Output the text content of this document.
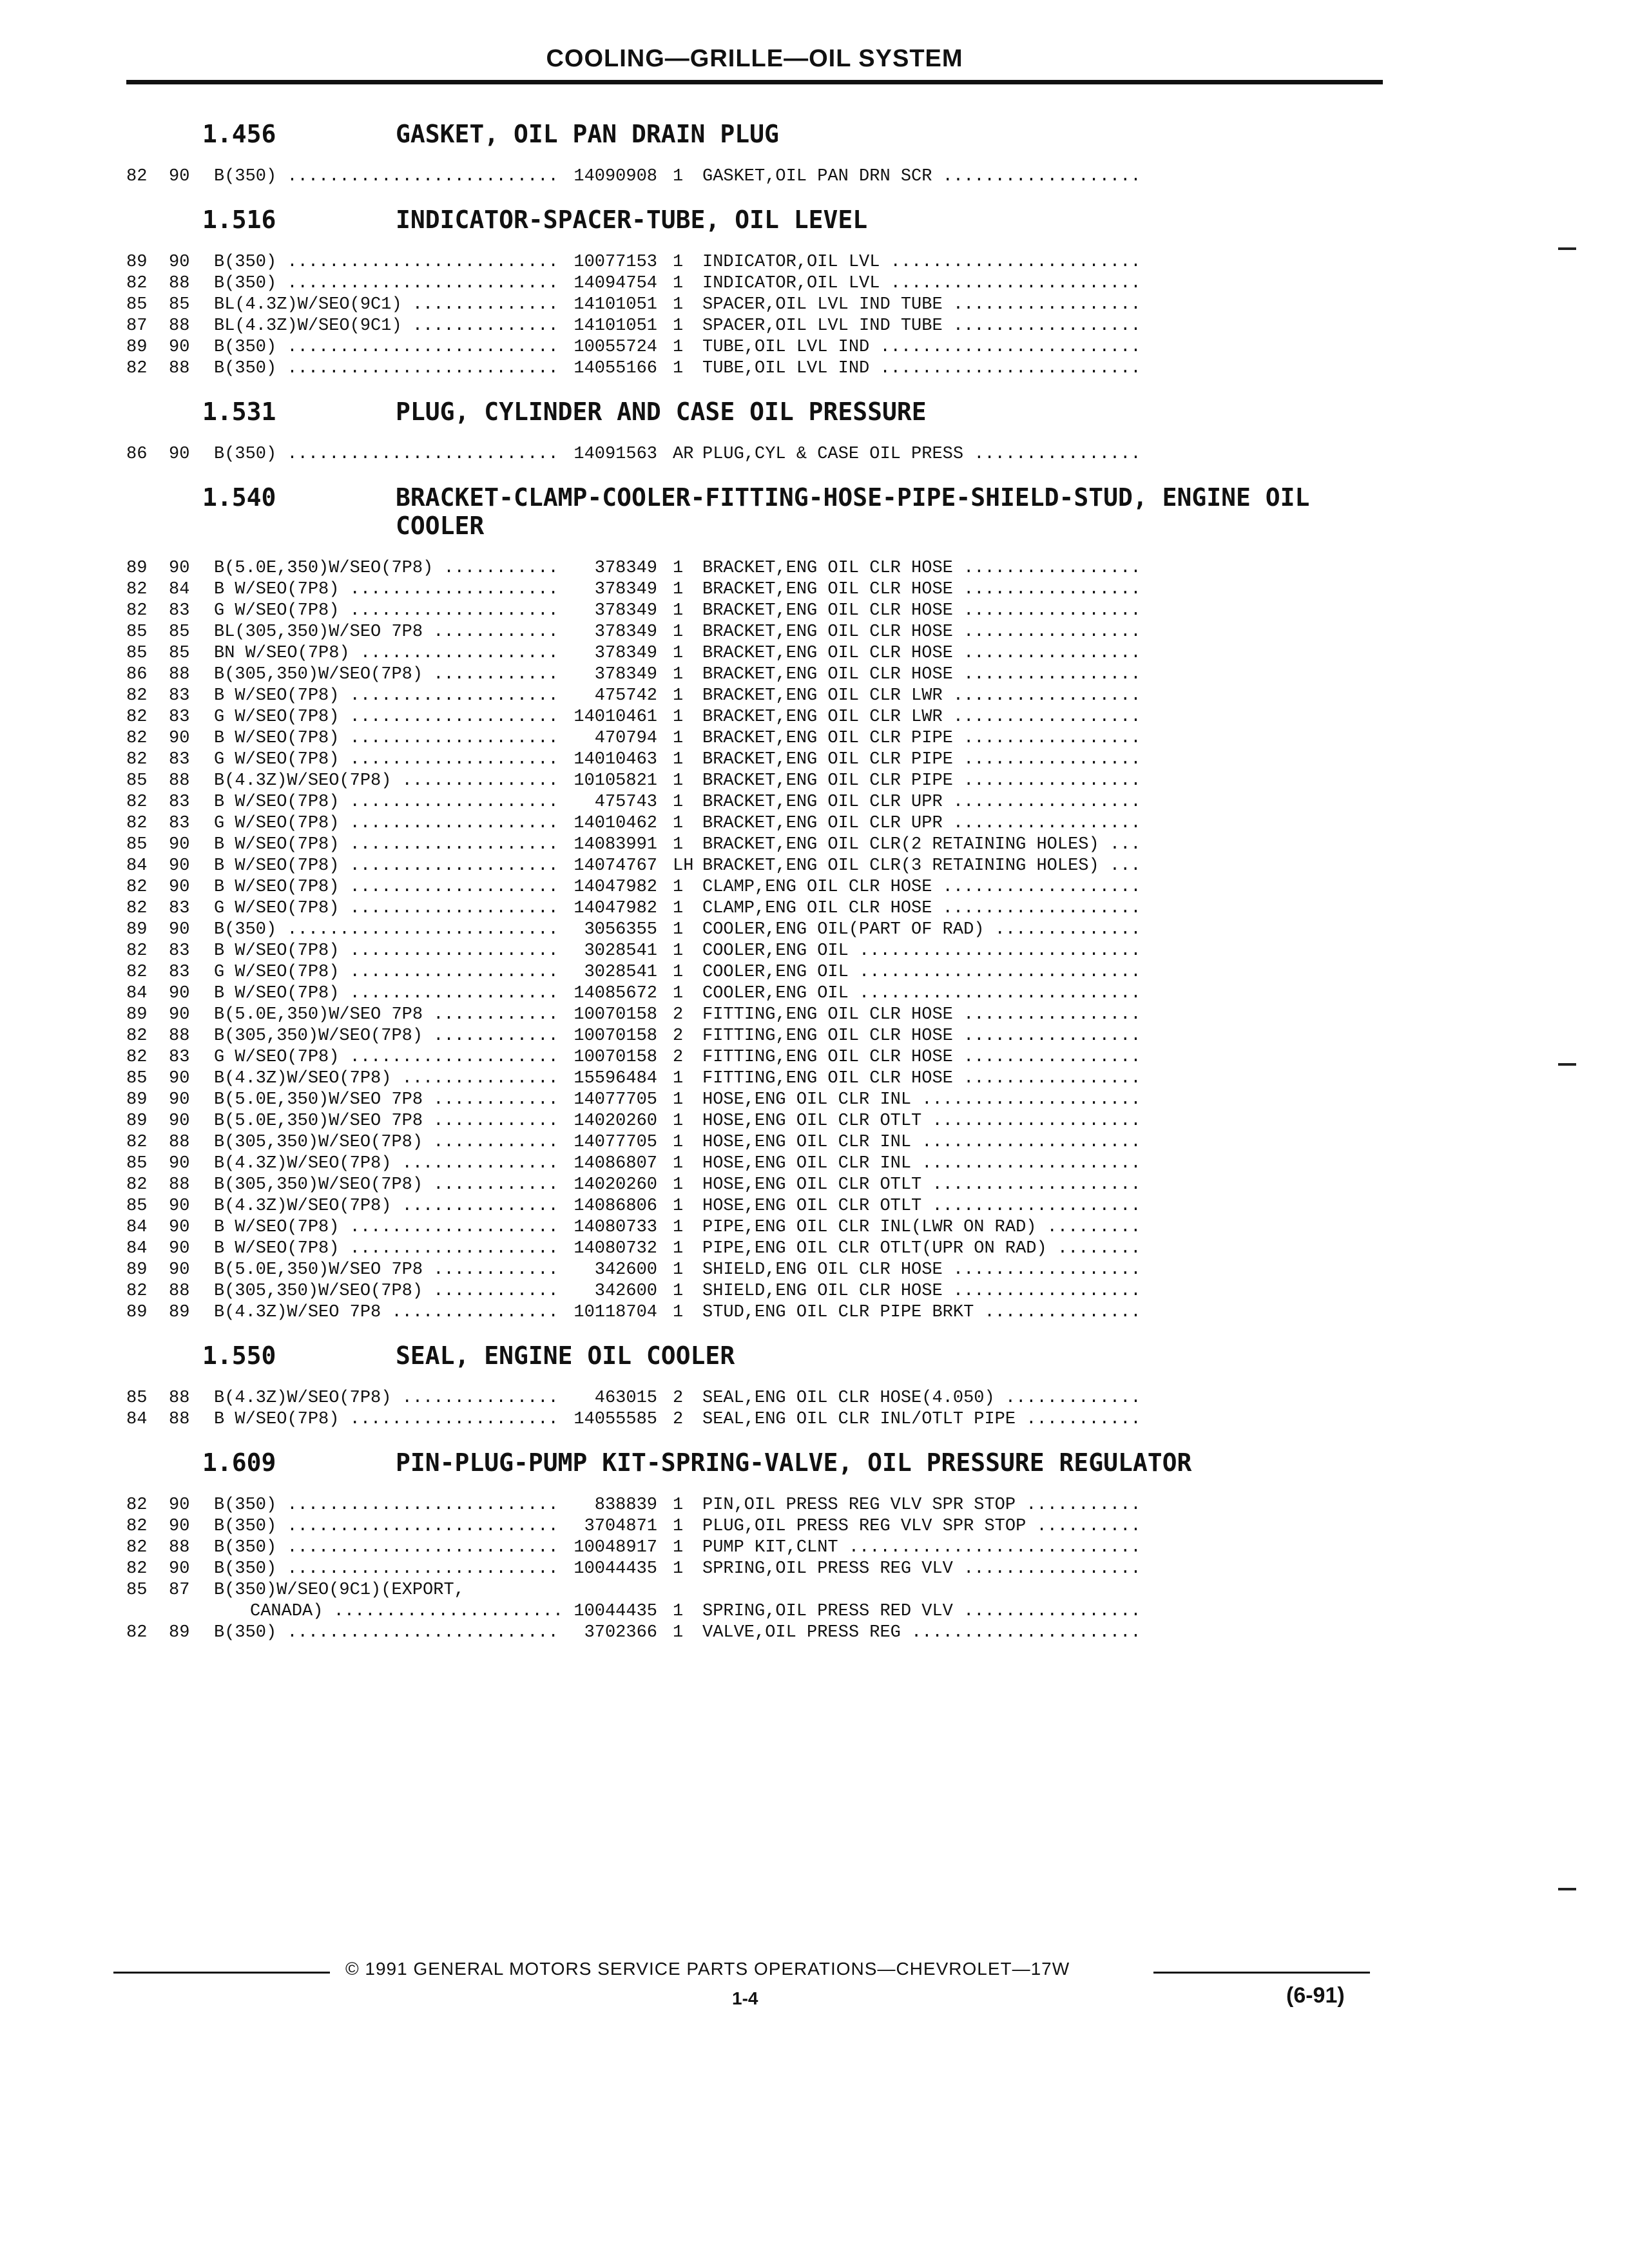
COOLING—GRILLE—OIL SYSTEM
1.456	GASKET, OIL PAN DRAIN PLUG
82	90	B(350) .....	14090908 1	GASKET,OIL PAN DRN SCR .....
1.516	INDICATOR-SPACER-TUBE, OIL LEVEL
89	90	B(350) .....	10077153 1	INDICATOR,OIL LVL .....
82	88	B(350) .....	14094754 1	INDICATOR,OIL LVL .....
85	85	BL(4.3Z)W/SEO(9C1) .....	14101051 1	SPACER,OIL LVL IND TUBE .....
87	88	BL(4.3Z)W/SEO(9C1) .....	14101051 1	SPACER,OIL LVL IND TUBE .....
89	90	B(350) .....	10055724 1	TUBE,OIL LVL IND .....
82	88	B(350) .....	14055166 1	TUBE,OIL LVL IND .....
1.531	PLUG, CYLINDER AND CASE OIL PRESSURE
86	90	B(350) .....	14091563 AR PLUG,CYL & CASE OIL PRESS .....
1.540	BRACKET-CLAMP-COOLER-FITTING-HOSE-PIPE-SHIELD-STUD, ENGINE OIL COOLER
89	90	B(5.0E,350)W/SEO(7P8) .....	378349 1	BRACKET,ENG OIL CLR HOSE .....
82	84	B W/SEO(7P8) .....	378349 1	BRACKET,ENG OIL CLR HOSE .....
82	83	G W/SEO(7P8) .....	378349 1	BRACKET,ENG OIL CLR HOSE .....
85	85	BL(305,350)W/SEO 7P8 .....	378349 1	BRACKET,ENG OIL CLR HOSE .....
85	85	BN W/SEO(7P8) .....	378349 1	BRACKET,ENG OIL CLR HOSE .....
86	88	B(305,350)W/SEO(7P8) .....	378349 1	BRACKET,ENG OIL CLR HOSE .....
82	83	B W/SEO(7P8) .....	475742 1	BRACKET,ENG OIL CLR LWR .....
82	83	G W/SEO(7P8) .....	14010461 1	BRACKET,ENG OIL CLR LWR .....
82	90	B W/SEO(7P8) .....	470794 1	BRACKET,ENG OIL CLR PIPE .....
82	83	G W/SEO(7P8) .....	14010463 1	BRACKET,ENG OIL CLR PIPE .....
85	88	B(4.3Z)W/SEO(7P8) .....	10105821 1	BRACKET,ENG OIL CLR PIPE .....
82	83	B W/SEO(7P8) .....	475743 1	BRACKET,ENG OIL CLR UPR .....
82	83	G W/SEO(7P8) .....	14010462 1	BRACKET,ENG OIL CLR UPR .....
85	90	B W/SEO(7P8) .....	14083991 1	BRACKET,ENG OIL CLR(2 RETAINING HOLES) .....
84	90	B W/SEO(7P8) .....	14074767 LH BRACKET,ENG OIL CLR(3 RETAINING HOLES) .....
82	90	B W/SEO(7P8) .....	14047982 1	CLAMP,ENG OIL CLR HOSE .....
82	83	G W/SEO(7P8) .....	14047982 1	CLAMP,ENG OIL CLR HOSE .....
89	90	B(350) .....	3056355 1	COOLER,ENG OIL(PART OF RAD) .....
82	83	B W/SEO(7P8) .....	3028541 1	COOLER,ENG OIL .....
82	83	G W/SEO(7P8) .....	3028541 1	COOLER,ENG OIL .....
84	90	B W/SEO(7P8) .....	14085672 1	COOLER,ENG OIL .....
89	90	B(5.0E,350)W/SEO 7P8 .....	10070158 2	FITTING,ENG OIL CLR HOSE .....
82	88	B(305,350)W/SEO(7P8) .....	10070158 2	FITTING,ENG OIL CLR HOSE .....
82	83	G W/SEO(7P8) .....	10070158 2	FITTING,ENG OIL CLR HOSE .....
85	90	B(4.3Z)W/SEO(7P8) .....	15596484 1	FITTING,ENG OIL CLR HOSE .....
89	90	B(5.0E,350)W/SEO 7P8 .....	14077705 1	HOSE,ENG OIL CLR INL .....
89	90	B(5.0E,350)W/SEO 7P8 .....	14020260 1	HOSE,ENG OIL CLR OTLT .....
82	88	B(305,350)W/SEO(7P8) .....	14077705 1	HOSE,ENG OIL CLR INL .....
85	90	B(4.3Z)W/SEO(7P8) .....	14086807 1	HOSE,ENG OIL CLR INL .....
82	88	B(305,350)W/SEO(7P8) .....	14020260 1	HOSE,ENG OIL CLR OTLT .....
85	90	B(4.3Z)W/SEO(7P8) .....	14086806 1	HOSE,ENG OIL CLR OTLT .....
84	90	B W/SEO(7P8) .....	14080733 1	PIPE,ENG OIL CLR INL(LWR ON RAD) .....
84	90	B W/SEO(7P8) .....	14080732 1	PIPE,ENG OIL CLR OTLT(UPR ON RAD) .....
89	90	B(5.0E,350)W/SEO 7P8 .....	342600 1	SHIELD,ENG OIL CLR HOSE .....
82	88	B(305,350)W/SEO(7P8) .....	342600 1	SHIELD,ENG OIL CLR HOSE .....
89	89	B(4.3Z)W/SEO 7P8 .....	10118704 1	STUD,ENG OIL CLR PIPE BRKT .....
1.550	SEAL, ENGINE OIL COOLER
85	88	B(4.3Z)W/SEO(7P8) .....	463015 2	SEAL,ENG OIL CLR HOSE(4.050) .....
84	88	B W/SEO(7P8) .....	14055585 2	SEAL,ENG OIL CLR INL/OTLT PIPE .....
1.609	PIN-PLUG-PUMP KIT-SPRING-VALVE, OIL PRESSURE REGULATOR
82	90	B(350) .....	838839 1	PIN,OIL PRESS REG VLV SPR STOP .....
82	90	B(350) .....	3704871 1	PLUG,OIL PRESS REG VLV SPR STOP .....
82	88	B(350) .....	10048917 1	PUMP KIT,CLNT .....
82	90	B(350) .....	10044435 1	SPRING,OIL PRESS REG VLV .....
85	87	B(350)W/SEO(9C1)(EXPORT,
CANADA) .....	10044435 1	SPRING,OIL PRESS RED VLV .....
82	89	B(350) .....	3702366 1	VALVE,OIL PRESS REG .....
© 1991 GENERAL MOTORS SERVICE PARTS OPERATIONS—CHEVROLET—17W
1-4	(6-91)
